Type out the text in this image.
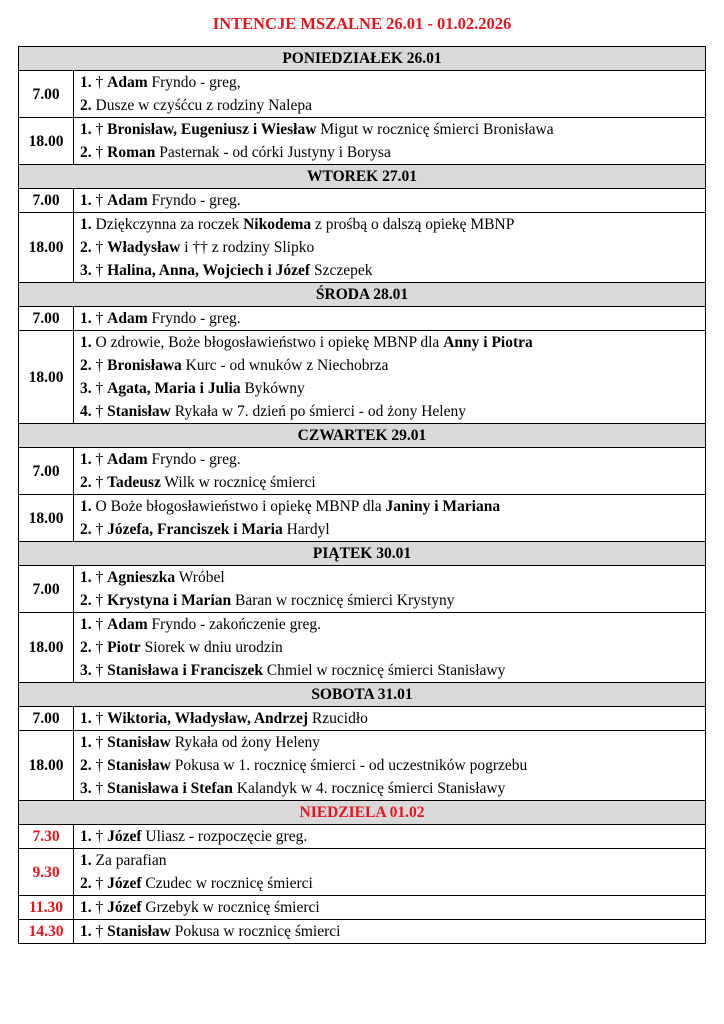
INTENCJE MSZALNE 26.01 - 01.02.2026
PONIEDZIAŁEK 26.01	
7.00	1. † Adam Fryndo - greg,
2. Dusze w czyśćcu z rodziny Nalepa

18.00	1. † Bronisław, Eugeniusz i Wiesław Migut w rocznicę śmierci Bronisława
2. † Roman Pasternak - od córki Justyny i Borysa

WTOREK 27.01	
7.00	1. † Adam Fryndo - greg.

18.00	1. Dziękczynna za roczek Nikodema z prośbą o dalszą opiekę MBNP
2. † Władysław i †† z rodziny Slipko
3. † Halina, Anna, Wojciech i Józef Szczepek

ŚRODA 28.01	
7.00	1. † Adam Fryndo - greg.

18.00	1. O zdrowie, Boże błogosławieństwo i opiekę MBNP dla Anny i Piotra
2. † Bronisława Kurc - od wnuków z Niechobrza
3. † Agata, Maria i Julia Bykówny
4. † Stanisław Rykała w 7. dzień po śmierci - od żony Heleny

CZWARTEK 29.01	
7.00	1. † Adam Fryndo - greg.
2. † Tadeusz Wilk w rocznicę śmierci

18.00	1. O Boże błogosławieństwo i opiekę MBNP dla Janiny i Mariana
2. † Józefa, Franciszek i Maria Hardyl

PIĄTEK 30.01	
7.00	1. † Agnieszka Wróbel
2. † Krystyna i Marian Baran w rocznicę śmierci Krystyny

18.00	1. † Adam Fryndo - zakończenie greg.
2. † Piotr Siorek w dniu urodzin
3. † Stanisława i Franciszek Chmiel w rocznicę śmierci Stanisławy

SOBOTA 31.01	
7.00	1. † Wiktoria, Władysław, Andrzej Rzucidło

18.00	1. † Stanisław Rykała od żony Heleny
2. † Stanisław Pokusa w 1. rocznicę śmierci - od uczestników pogrzebu
3. † Stanisława i Stefan Kalandyk w 4. rocznicę śmierci Stanisławy

NIEDZIELA 01.02	
7.30	1. † Józef Uliasz - rozpoczęcie greg.

9.30	1. Za parafian
2. † Józef Czudec w rocznicę śmierci

11.30	1. † Józef Grzebyk w rocznicę śmierci

14.30	1. † Stanisław Pokusa w rocznicę śmierci
